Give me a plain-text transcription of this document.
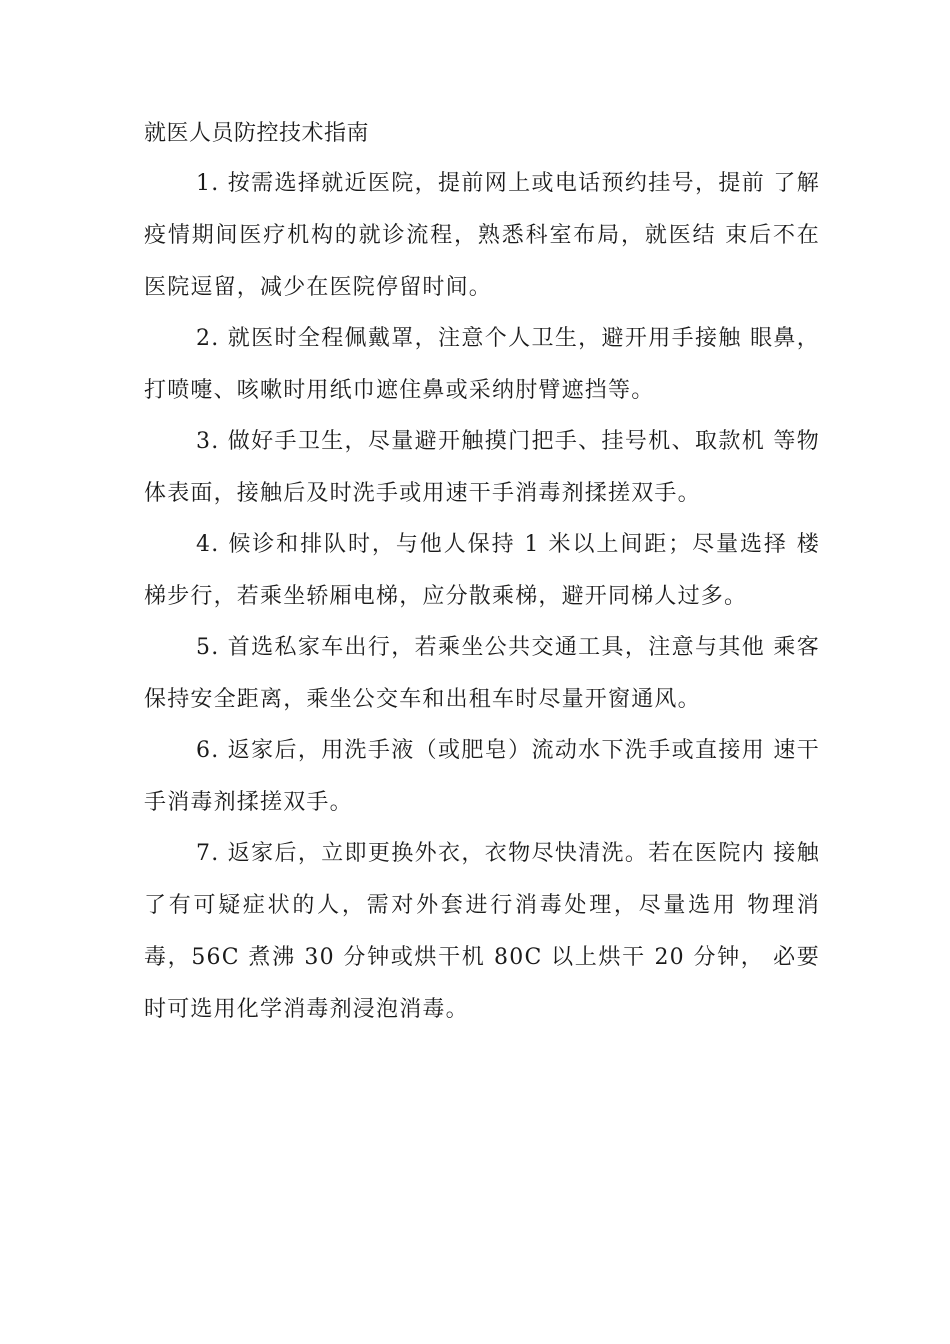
就医人员防控技术指南

1. 按需选择就近医院，提前网上或电话预约挂号，提前 了解疫情期间医疗机构的就诊流程，熟悉科室布局，就医结 束后不在医院逗留，减少在医院停留时间。

2. 就医时全程佩戴罩，注意个人卫生，避开用手接触 眼鼻，打喷嚏、咳嗽时用纸巾遮住鼻或采纳肘臂遮挡等。

3. 做好手卫生，尽量避开触摸门把手、挂号机、取款机 等物体表面，接触后及时洗手或用速干手消毒剂揉搓双手。

4. 候诊和排队时，与他人保持 1 米以上间距；尽量选择 楼梯步行，若乘坐轿厢电梯，应分散乘梯，避开同梯人过多。

5. 首选私家车出行，若乘坐公共交通工具，注意与其他 乘客保持安全距离，乘坐公交车和出租车时尽量开窗通风。

6. 返家后，用洗手液（或肥皂）流动水下洗手或直接用 速干手消毒剂揉搓双手。

7. 返家后，立即更换外衣，衣物尽快清洗。若在医院内 接触了有可疑症状的人，需对外套进行消毒处理，尽量选用 物理消毒，56C 煮沸 30 分钟或烘干机 80C 以上烘干 20 分钟， 必要时可选用化学消毒剂浸泡消毒。
